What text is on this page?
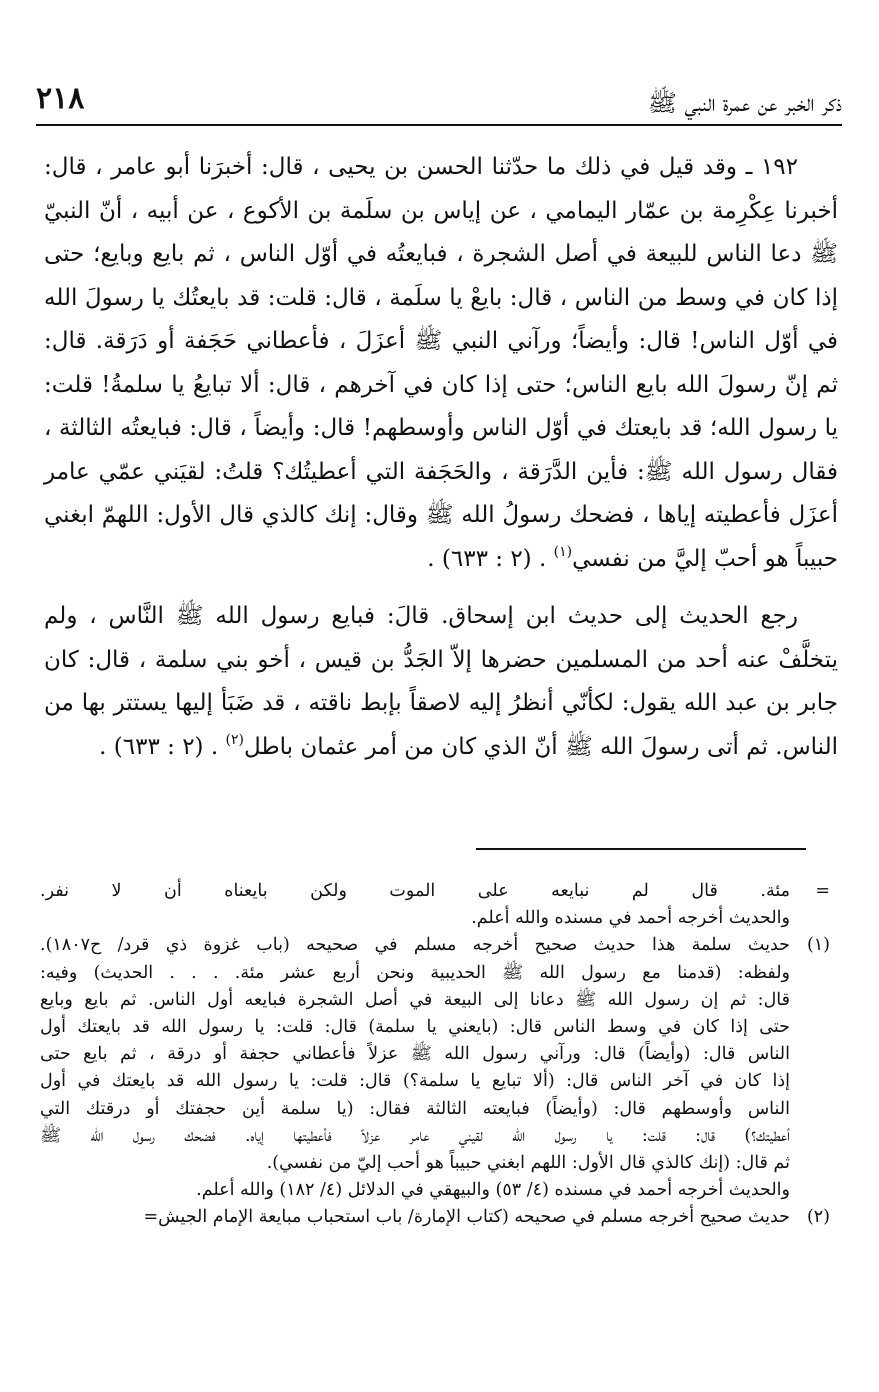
ذكر الخبر عن عمرة النبي ﷺ
٢١٨

١٩٢ ـ وقد قيل في ذلك ما حدّثنا الحسن بن يحيى ، قال: أخبرَنا أبو عامر ، قال: أخبرنا عِكْرِمة بن عمّار اليمامي ، عن إياس بن سلَمة بن الأكوع ، عن أبيه ، أنّ النبيّ ﷺ دعا الناس للبيعة في أصل الشجرة ، فبايعتُه في أوّل الناس ، ثم بايع وبايع؛ حتى إذا كان في وسط من الناس ، قال: بايعْ يا سلَمة ، قال: قلت: قد بايعتُك يا رسولَ الله في أوّل الناس! قال: وأيضاً؛ ورآني النبي ﷺ أعزَلَ ، فأعطاني حَجَفة أو دَرَقة. قال: ثم إنّ رسولَ الله بايع الناس؛ حتى إذا كان في آخرهم ، قال: ألا تبايعُ يا سلمةُ! قلت: يا رسول الله؛ قد بايعتك في أوّل الناس وأوسطهم! قال: وأيضاً ، قال: فبايعتُه الثالثة ، فقال رسول الله ﷺ: فأين الدَّرَقة ، والحَجَفة التي أعطيتُك؟ قلتُ: لقيَني عمّي عامر أعزَل فأعطيته إياها ، فضحك رسولُ الله ﷺ وقال: إنك كالذي قال الأول: اللهمّ ابغني حبيباً هو أحبّ إليَّ من نفسي$^{(١)}$ . (٢ : ٦٣٣) .

رجع الحديث إلى حديث ابن إسحاق. قالَ: فبايع رسول الله ﷺ النَّاس ، ولم يتخلَّفْ عنه أحد من المسلمين حضرها إلاّ الجَدُّ بن قيس ، أخو بني سلمة ، قال: كان جابر بن عبد الله يقول: لكأنّي أنظرُ إليه لاصقاً بإبط ناقته ، قد ضَبَأ إليها يستتر بها من الناس. ثم أتى رسولَ الله ﷺ أنّ الذي كان من أمر عثمان باطل$^{(٢)}$ . (٢ : ٦٣٣) .

=
مئة. قال لم نبايعه على الموت ولكن بايعناه أن لا نفر.
والحديث أخرجه أحمد في مسنده والله أعلم.
(١)
حديث سلمة هذا حديث صحيح أخرجه مسلم في صحيحه (باب غزوة ذي قرد/ ح١٨٠٧).
ولفظه: (قدمنا مع رسول الله ﷺ الحديبية ونحن أربع عشر مئة. . . . الحديث) وفيه:
قال: ثم إن رسول الله ﷺ دعانا إلى البيعة في أصل الشجرة فبايعه أول الناس. ثم بايع وبايع
حتى إذا كان في وسط الناس قال: (بايعني يا سلمة) قال: قلت: يا رسول الله قد بايعتك أول
الناس قال: (وأيضاً) قال: ورآني رسول الله ﷺ عزلاً فأعطاني حجفة أو درقة ، ثم بايع حتى
إذا كان في آخر الناس قال: (ألا تبايع يا سلمة؟) قال: قلت: يا رسول الله قد بايعتك في أول
الناس وأوسطهم قال: (وأيضاً) فبايعته الثالثة فقال: (يا سلمة أين حجفتك أو درقتك التي
أعطيتك؟) قال: قلت: يا رسول الله لقيني عامر عزلاً فأعطيتها إياه. فضحك رسول الله ﷺ
ثم قال: (إنك كالذي قال الأول: اللهم ابغني حبيباً هو أحب إليّ من نفسي).
والحديث أخرجه أحمد في مسنده (٤/ ٥٣) والبيهقي في الدلائل (٤/ ١٨٢) والله أعلم.
(٢)
حديث صحيح أخرجه مسلم في صحيحه (كتاب الإمارة/ باب استحباب مبايعة الإمام الجيش=
